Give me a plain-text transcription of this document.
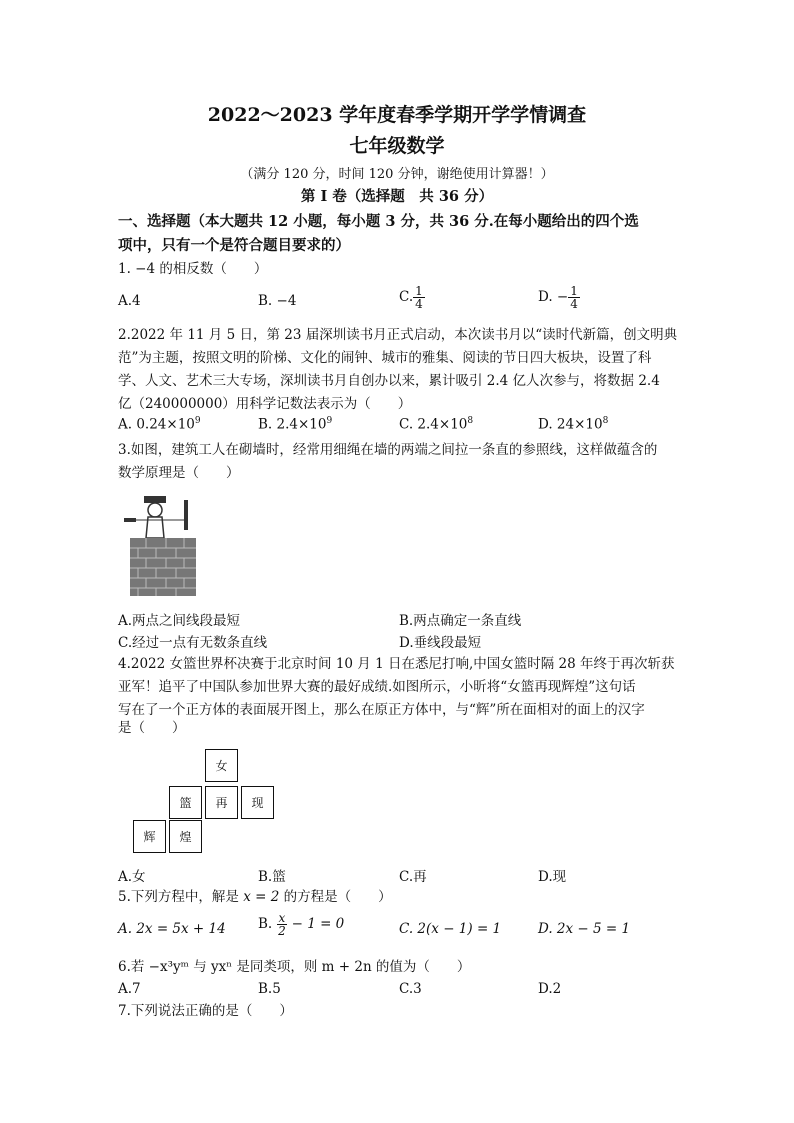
2022～2023 学年度春季学期开学学情调查
七年级数学
（满分 120 分，时间 120 分钟，谢绝使用计算器！）
第 I 卷（选择题　共 36 分）
一、选择题（本大题共 12 小题，每小题 3 分，共 36 分.在每小题给出的四个选
项中，只有一个是符合题目要求的）
1. −4 的相反数（　　）
A.4	B. −4	C. $\frac{1}{4}$	D. − $\frac{1}{4}$
2.2022 年 11 月 5 日，第 23 届深圳读书月正式启动，本次读书月以“读时代新篇，创文明典
范”为主题，按照文明的阶梯、文化的闹钟、城市的雅集、阅读的节日四大板块，设置了科
学、人文、艺术三大专场，深圳读书月自创办以来，累计吸引 2.4 亿人次参与，将数据 2.4
亿（240000000）用科学记数法表示为（　　）
A. $0.24\times 10^9$	B. $2.4\times 10^9$	C. $2.4\times 10^8$	D. $24\times 10^8$
3.如图，建筑工人在砌墙时，经常用细绳在墙的两端之间拉一条直的参照线，这样做蕴含的
数学原理是（　　）
A.两点之间线段最短	B.两点确定一条直线
C.经过一点有无数条直线	D.垂线段最短
4.2022 女篮世界杯决赛于北京时间 10 月 1 日在悉尼打响,中国女篮时隔 28 年终于再次斩获
亚军！追平了中国队参加世界大赛的最好成绩.如图所示，小昕将“女篮再现辉煌”这句话
写在了一个正方体的表面展开图上，那么在原正方体中，与“辉”所在面相对的面上的汉字
是（　　）
女
篮	再	现
辉	煌
A.女	B.篮	C.再	D.现
5.下列方程中，解是 x = 2 的方程是（　　）
A. 2x = 5x + 14 B. $\frac{x}{2} - 1 = 0$	C. 2(x − 1) = 1	D. 2x − 5 = 1
6.若 −x³yᵐ 与 yxⁿ 是同类项，则 m + 2n 的值为（　　）
A.7	B.5	C.3	D.2
7.下列说法正确的是（　　）
